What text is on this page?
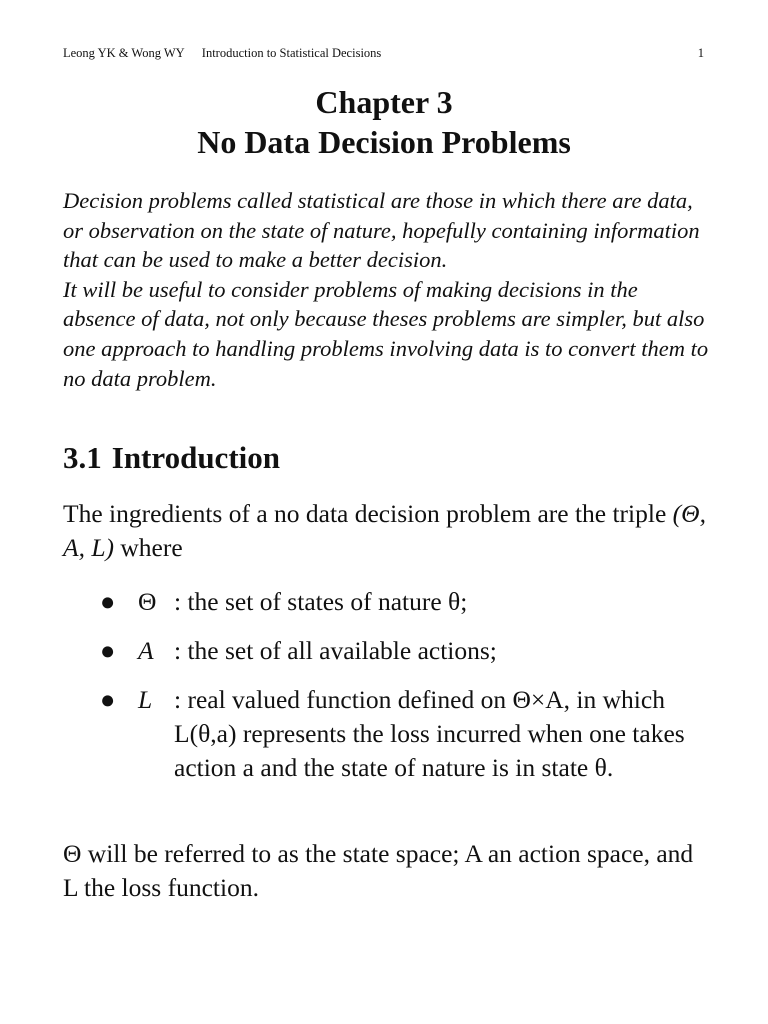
Leong YK & Wong WY Introduction to Statistical Decisions	1
Chapter 3
No Data Decision Problems

Decision problems called statistical are those in which there are data, or observation on the state of nature, hopefully containing information that can be used to make a better decision.

It will be useful to consider problems of making decisions in the absence of data, not only because theses problems are simpler, but also one approach to handling problems involving data is to convert them to no data problem.

3.1 Introduction
The ingredients of a no data decision problem are the triple (Θ, A, L) where
● Θ : the set of states of nature θ;
● A : the set of all available actions;
● L : real valued function defined on Θ×A, in which L(θ,a) represents the loss incurred when one takes action a and the state of nature is in state θ.
Θ will be referred to as the state space; A an action space, and L the loss function.
